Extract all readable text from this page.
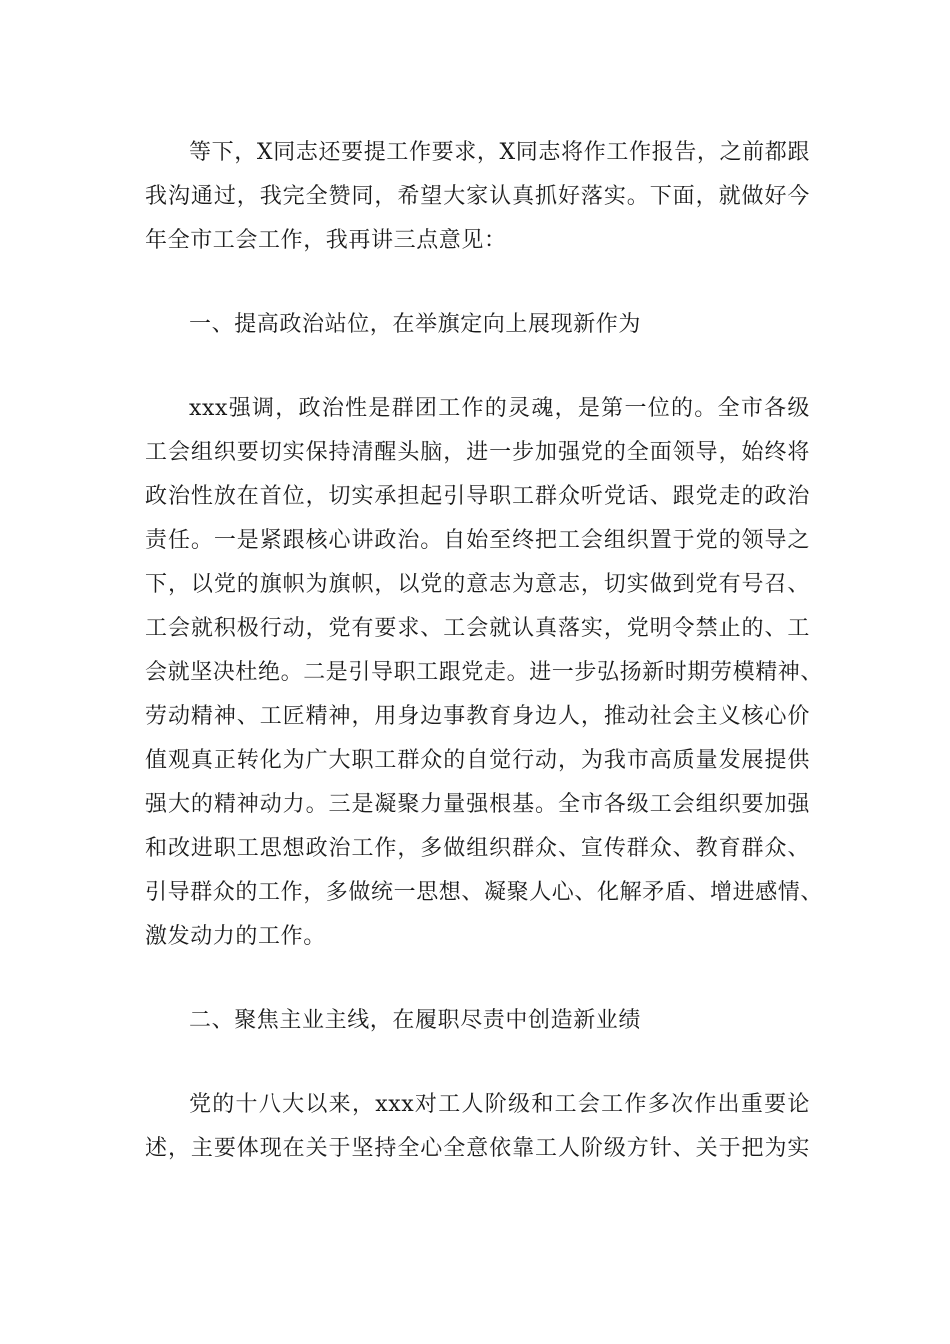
等下，X同志还要提工作要求，X同志将作工作报告，之前都跟
我沟通过，我完全赞同，希望大家认真抓好落实。下面，就做好今
年全市工会工作，我再讲三点意见：
一、提高政治站位，在举旗定向上展现新作为
xxx强调，政治性是群团工作的灵魂，是第一位的。全市各级
工会组织要切实保持清醒头脑，进一步加强党的全面领导，始终将
政治性放在首位，切实承担起引导职工群众听党话、跟党走的政治
责任。一是紧跟核心讲政治。自始至终把工会组织置于党的领导之
下，以党的旗帜为旗帜，以党的意志为意志，切实做到党有号召、
工会就积极行动，党有要求、工会就认真落实，党明令禁止的、工
会就坚决杜绝。二是引导职工跟党走。进一步弘扬新时期劳模精神、
劳动精神、工匠精神，用身边事教育身边人，推动社会主义核心价
值观真正转化为广大职工群众的自觉行动，为我市高质量发展提供
强大的精神动力。三是凝聚力量强根基。全市各级工会组织要加强
和改进职工思想政治工作，多做组织群众、宣传群众、教育群众、
引导群众的工作，多做统一思想、凝聚人心、化解矛盾、增进感情、
激发动力的工作。
二、聚焦主业主线，在履职尽责中创造新业绩
党的十八大以来，xxx对工人阶级和工会工作多次作出重要论
述，主要体现在关于坚持全心全意依靠工人阶级方针、关于把为实
